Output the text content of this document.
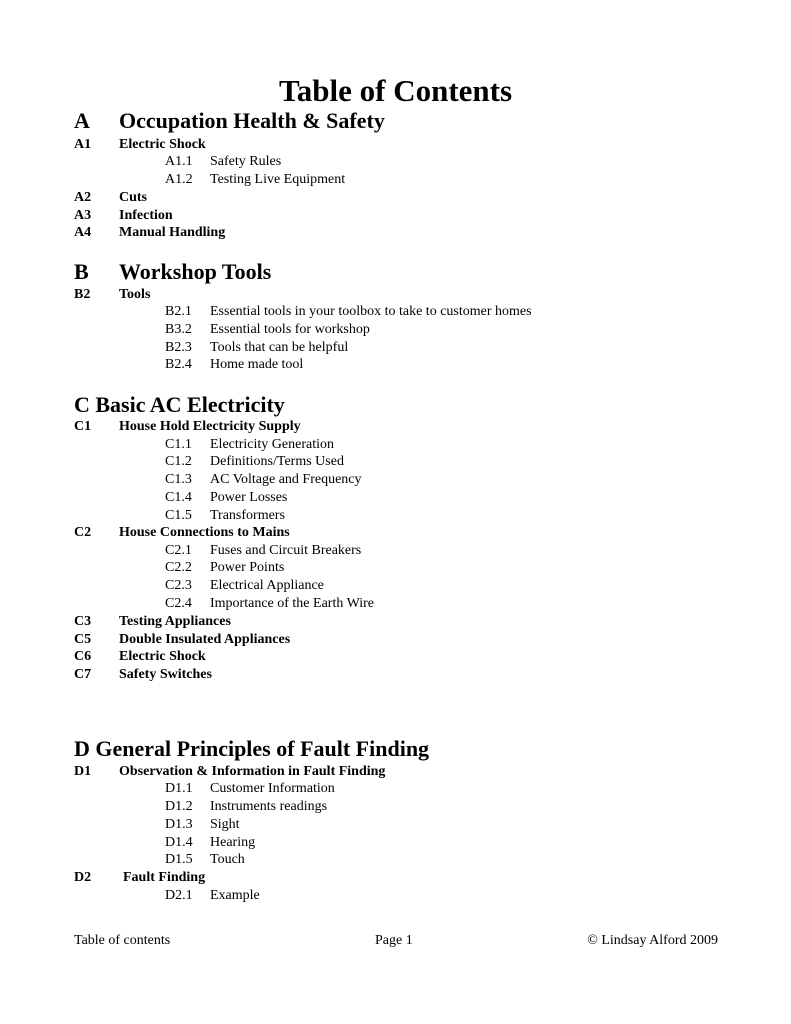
Table of Contents
A Occupation Health & Safety
A1 Electric Shock
A1.1 Safety Rules
A1.2 Testing Live Equipment
A2 Cuts
A3 Infection
A4 Manual Handling
B Workshop Tools
B2 Tools
B2.1 Essential tools in your toolbox to take to customer homes
B3.2 Essential tools for workshop
B2.3 Tools that can be helpful
B2.4 Home made tool
C Basic AC Electricity
C1 House Hold Electricity Supply
C1.1 Electricity Generation
C1.2 Definitions/Terms Used
C1.3 AC Voltage and Frequency
C1.4 Power Losses
C1.5 Transformers
C2 House Connections to Mains
C2.1 Fuses and Circuit Breakers
C2.2 Power Points
C2.3 Electrical Appliance
C2.4 Importance of the Earth Wire
C3 Testing Appliances
C5 Double Insulated Appliances
C6 Electric Shock
C7 Safety Switches
D General Principles of Fault Finding
D1 Observation & Information in Fault Finding
D1.1 Customer Information
D1.2 Instruments readings
D1.3 Sight
D1.4 Hearing
D1.5 Touch
D2 Fault Finding
D2.1 Example
Table of contents	Page 1	© Lindsay Alford 2009
